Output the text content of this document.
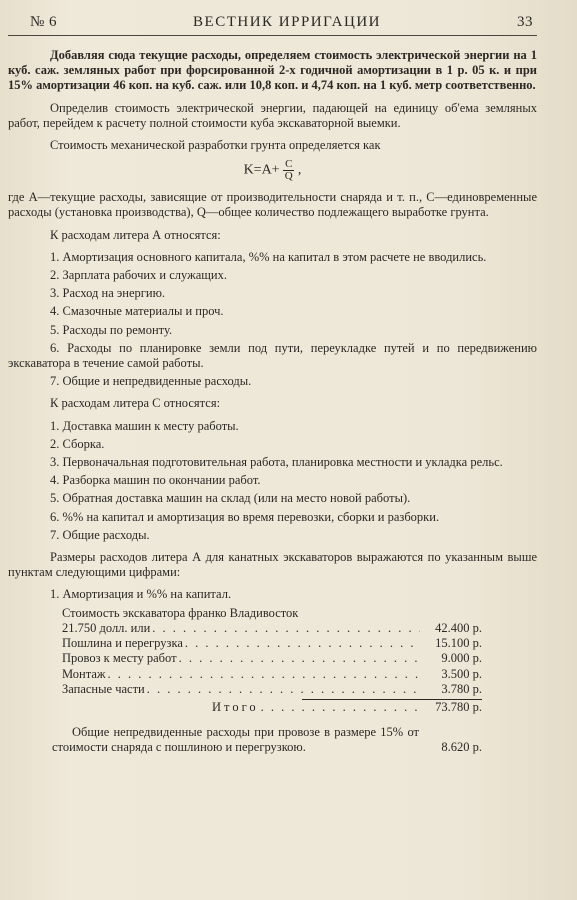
№ 6	ВЕСТНИК ИРРИГАЦИИ	33

Добавляя сюда текущие расходы, определяем стоимость электрической энергии на 1 куб. саж. земляных работ при форсированной 2-х годичной амортизации в 1 р. 05 к. и при 15% амортизации 46 коп. на куб. саж. или 10,8 коп. и 4,74 коп. на 1 куб. метр соответственно.

Определив стоимость электрической энергии, падающей на единицу об'ема земляных работ, перейдем к расчету полной стоимости куба экскаваторной выемки.

Стоимость механической разработки грунта определяется как

$K=A+ \frac{C}{Q}$ ,

где А—текущие расходы, зависящие от производительности снаряда и т. п., С—единовременные расходы (установка производства), Q—общее количество подлежащего выработке грунта.

К расходам литера А относятся:

1. Амортизация основного капитала, %% на капитал в этом расчете не вводились.

2. Зарплата рабочих и служащих.

3. Расход на энергию.

4. Смазочные материалы и проч.

5. Расходы по ремонту.

6. Расходы по планировке земли под пути, переукладке путей и по передвижению экскаватора в течение самой работы.

7. Общие и непредвиденные расходы.

К расходам литера С относятся:

1. Доставка машин к месту работы.

2. Сборка.

3. Первоначальная подготовительная работа, планировка местности и укладка рельс.

4. Разборка машин по окончании работ.

5. Обратная доставка машин на склад (или на место новой работы).

6. %% на капитал и амортизация во время перевозки, сборки и разборки.

7. Общие расходы.

Размеры расходов литера А для канатных экскаваторов выражаются по указанным выше пунктам следующими цифрами:

1. Амортизация и %% на капитал.

Стоимость экскаватора франко Владивосток
21.750 долл. или . . .	42.400 р.
Пошлина и перегрузка . . .	15.100 р.
Провоз к месту работ . . .	9.000 р.
Монтаж . . .	3.500 р.
Запасные части . . .	3.780 р.
Итого . . .	73.780 р.

Общие непредвиденные расходы при провозе в размере 15% от стоимости снаряда с пошлиною и перегрузкою.	8.620 р.
